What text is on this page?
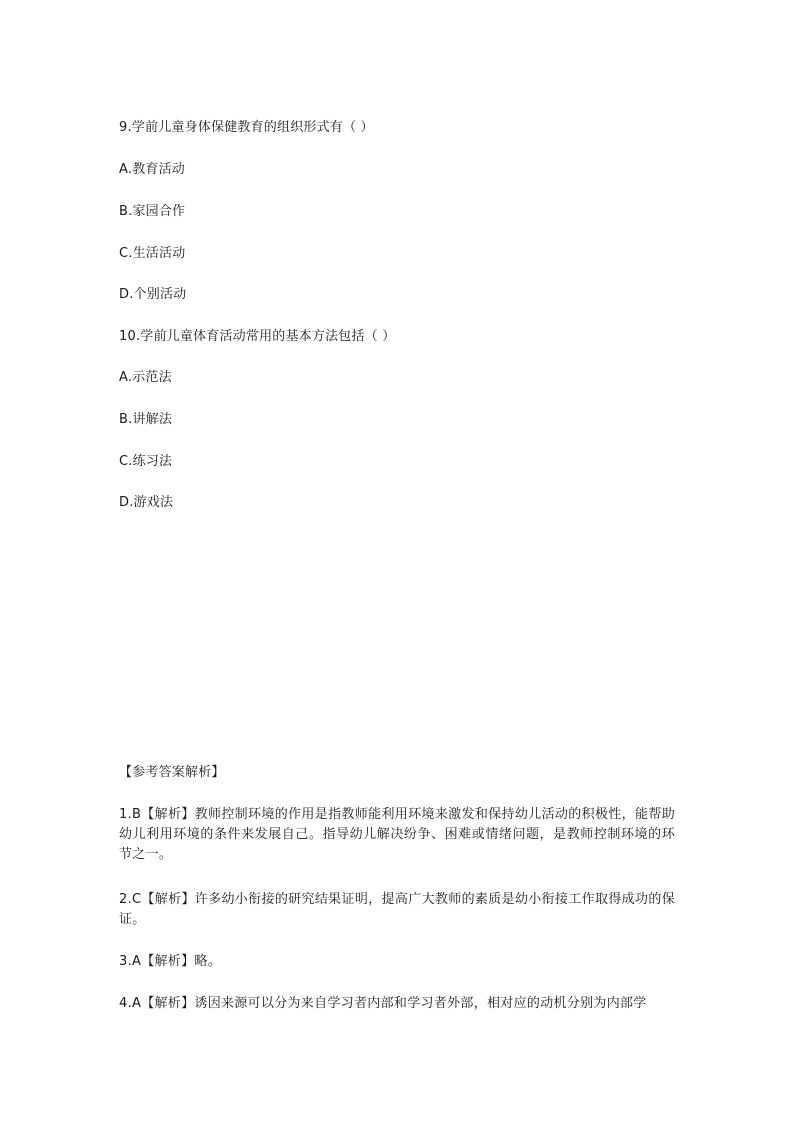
9.学前儿童身体保健教育的组织形式有（ ）
A.教育活动
B.家园合作
C.生活活动
D.个别活动
10.学前儿童体育活动常用的基本方法包括（ ）
A.示范法
B.讲解法
C.练习法
D.游戏法
【参考答案解析】

1.B【解析】教师控制环境的作用是指教师能利用环境来激发和保持幼儿活动的积极性，能帮助幼儿利用环境的条件来发展自己。指导幼儿解决纷争、困难或情绪问题，是教师控制环境的环节之一。

2.C【解析】许多幼小衔接的研究结果证明，提高广大教师的素质是幼小衔接工作取得成功的保证。

3.A【解析】略。

4.A【解析】诱因来源可以分为来自学习者内部和学习者外部，相对应的动机分别为内部学
